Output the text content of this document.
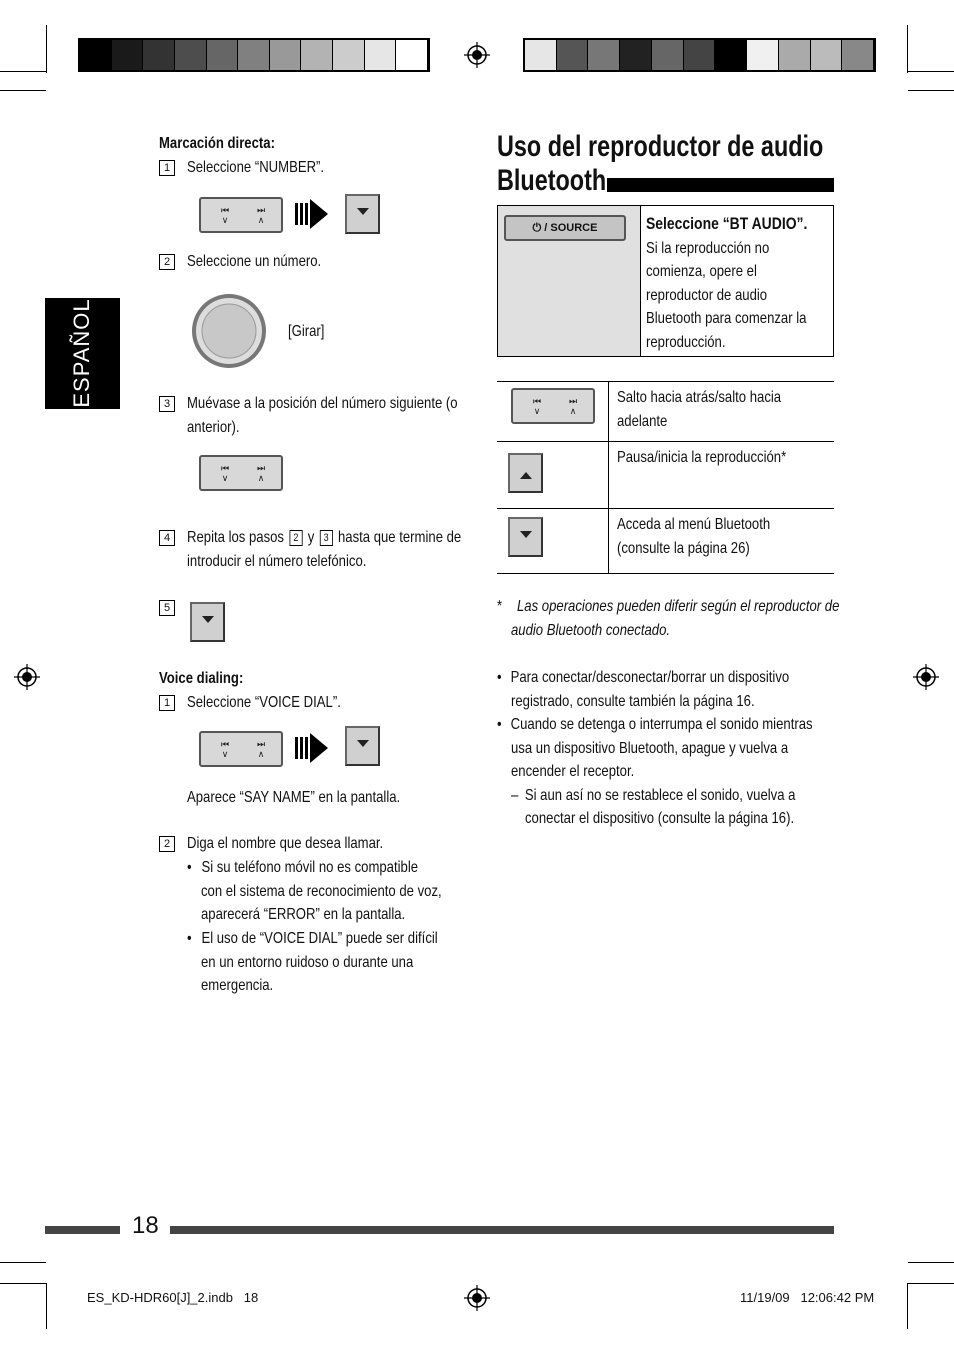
ESPAÑOL
Marcación directa:
1 Seleccione “NUMBER”.
⏮
∨
⏭
∧
2 Seleccione un número.
[Girar]
3 Muévase a la posición del número siguiente (o
anterior).
⏮
∨
⏭
∧
4 Repita los pasos 2 y 3 hasta que termine de
introducir el número telefónico.
5
Voice dialing:
1 Seleccione “VOICE DIAL”.
⏮
∨
⏭
∧
Aparece “SAY NAME” en la pantalla.
2 Diga el nombre que desea llamar.
• Si su teléfono móvil no es compatible
con el sistema de reconocimiento de voz,
aparecerá “ERROR” en la pantalla.
• El uso de “VOICE DIAL” puede ser difícil
en un entorno ruidoso o durante una
emergencia.
Uso del reproductor de audio
Bluetooth
⏻ / SOURCE	Seleccione “BT AUDIO”.
Si la reproducción no
comienza, opere el
reproductor de audio
Bluetooth para comenzar la
reproducción.
⏮
∨
⏭
∧
Salto hacia atrás/salto hacia
adelante
Pausa/inicia la reproducción*
Acceda al menú Bluetooth
(consulte la página 26)
* Las operaciones pueden diferir según el reproductor de
audio Bluetooth conectado.
• Para conectar/desconectar/borrar un dispositivo
registrado, consulte también la página 16.
• Cuando se detenga o interrumpa el sonido mientras
usa un dispositivo Bluetooth, apague y vuelva a
encender el receptor.
– Si aun así no se restablece el sonido, vuelva a
conectar el dispositivo (consulte la página 16).
18
ES_KD-HDR60[J]_2.indb   18	11/19/09   12:06:42 PM
